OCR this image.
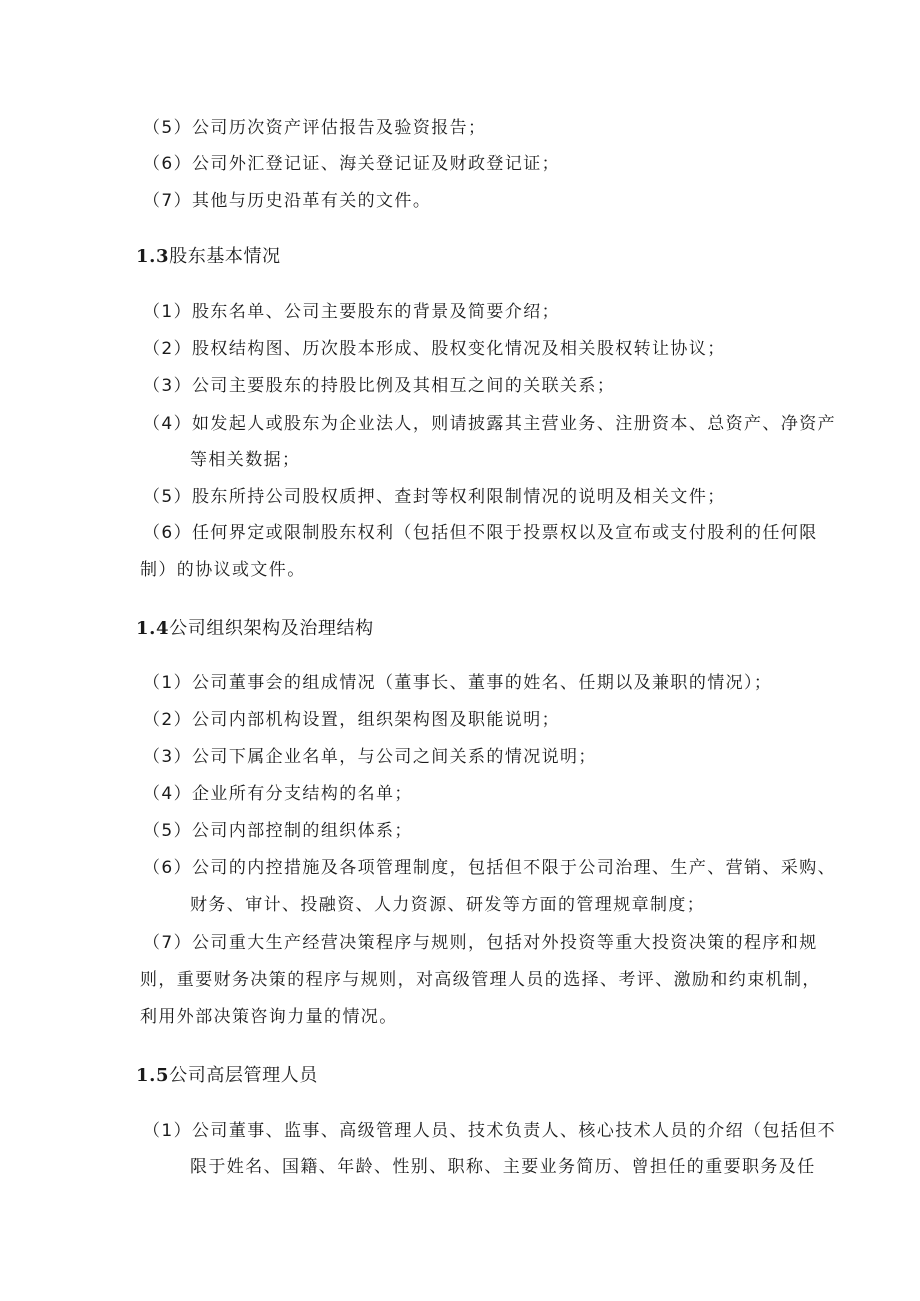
（5）公司历次资产评估报告及验资报告；
（6）公司外汇登记证、海关登记证及财政登记证；
（7）其他与历史沿革有关的文件。
1.3股东基本情况
（1）股东名单、公司主要股东的背景及简要介绍；
（2）股权结构图、历次股本形成、股权变化情况及相关股权转让协议；
（3）公司主要股东的持股比例及其相互之间的关联关系；
（4）如发起人或股东为企业法人，则请披露其主营业务、注册资本、总资产、净资产
等相关数据；
（5）股东所持公司股权质押、查封等权利限制情况的说明及相关文件；
（6）任何界定或限制股东权利（包括但不限于投票权以及宣布或支付股利的任何限
制）的协议或文件。
1.4公司组织架构及治理结构
（1）公司董事会的组成情况（董事长、董事的姓名、任期以及兼职的情况）；
（2）公司内部机构设置，组织架构图及职能说明；
（3）公司下属企业名单，与公司之间关系的情况说明；
（4）企业所有分支结构的名单；
（5）公司内部控制的组织体系；
（6）公司的内控措施及各项管理制度，包括但不限于公司治理、生产、营销、采购、
财务、审计、投融资、人力资源、研发等方面的管理规章制度；
（7）公司重大生产经营决策程序与规则，包括对外投资等重大投资决策的程序和规
则，重要财务决策的程序与规则，对高级管理人员的选择、考评、激励和约束机制，
利用外部决策咨询力量的情况。
1.5公司高层管理人员
（1）公司董事、监事、高级管理人员、技术负责人、核心技术人员的介绍（包括但不
限于姓名、国籍、年龄、性别、职称、主要业务简历、曾担任的重要职务及任
